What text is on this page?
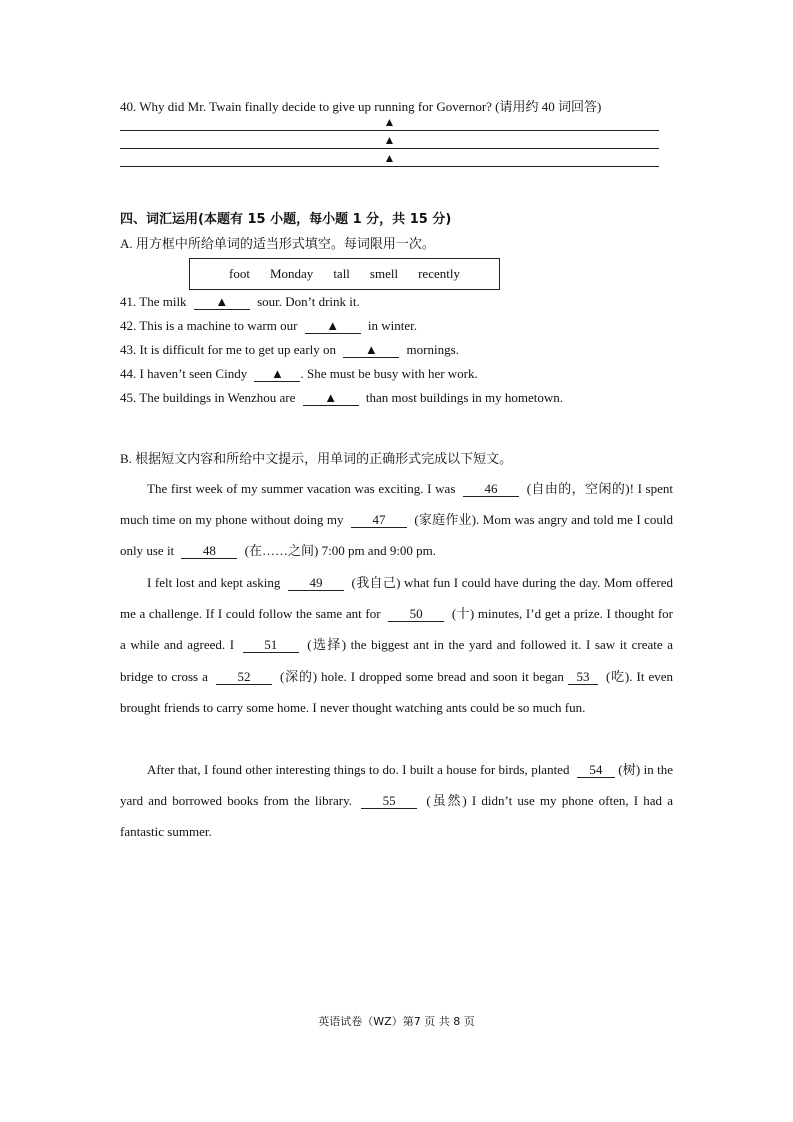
40. Why did Mr. Twain finally decide to give up running for Governor? (请用约 40 词回答)
▲
▲
▲
四、词汇运用(本题有 15 小题，每小题 1 分，共 15 分)
A. 用方框中所给单词的适当形式填空。每词限用一次。
foot Monday tall smell recently
41. The milk ▲ sour. Don’t drink it.
42. This is a machine to warm our ▲ in winter.
43. It is difficult for me to get up early on ▲ mornings.
44. I haven’t seen Cindy ▲ . She must be busy with her work.
45. The buildings in Wenzhou are ▲ than most buildings in my hometown.
B. 根据短文内容和所给中文提示，用单词的正确形式完成以下短文。
The first week of my summer vacation was exciting. I was 46 (自由的，空闲的)! I spent much time on my phone without doing my 47 (家庭作业). Mom was angry and told me I could only use it 48 (在……之间) 7:00 pm and 9:00 pm.
I felt lost and kept asking 49 (我自己) what fun I could have during the day. Mom offered me a challenge. If I could follow the same ant for 50 (十) minutes, I’d get a prize. I thought for a while and agreed. I 51 (选择) the biggest ant in the yard and followed it. I saw it create a bridge to cross a 52 (深的) hole. I dropped some bread and soon it began 53 (吃). It even brought friends to carry some home. I never thought watching ants could be so much fun.
After that, I found other interesting things to do. I built a house for birds, planted 54 (树) in the yard and borrowed books from the library. 55 (虽然) I didn’t use my phone often, I had a fantastic summer.
英语试卷（WZ）第7 页 共 8 页
